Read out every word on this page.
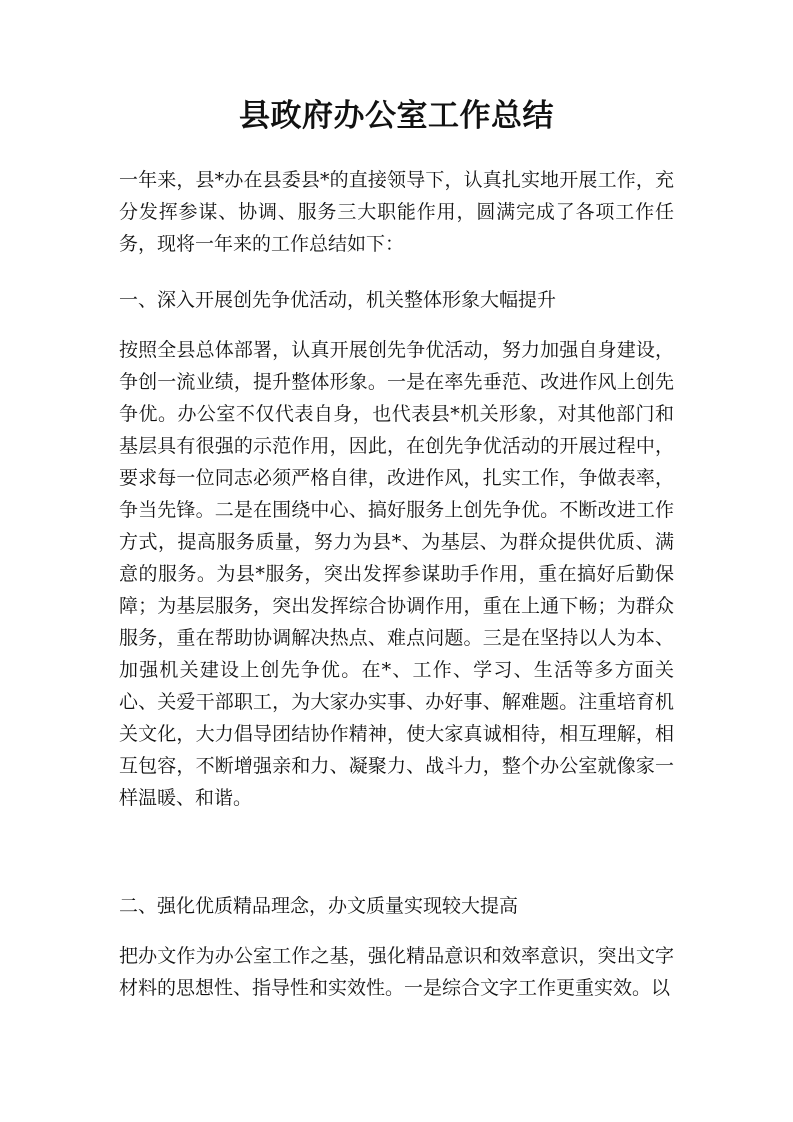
县政府办公室工作总结
一年来，县*办在县委县*的直接领导下，认真扎实地开展工作，充分发挥参谋、协调、服务三大职能作用，圆满完成了各项工作任务，现将一年来的工作总结如下：
一、深入开展创先争优活动，机关整体形象大幅提升
按照全县总体部署，认真开展创先争优活动，努力加强自身建设，争创一流业绩，提升整体形象。一是在率先垂范、改进作风上创先争优。办公室不仅代表自身，也代表县*机关形象，对其他部门和基层具有很强的示范作用，因此，在创先争优活动的开展过程中，要求每一位同志必须严格自律，改进作风，扎实工作，争做表率，争当先锋。二是在围绕中心、搞好服务上创先争优。不断改进工作方式，提高服务质量，努力为县*、为基层、为群众提供优质、满意的服务。为县*服务，突出发挥参谋助手作用，重在搞好后勤保障；为基层服务，突出发挥综合协调作用，重在上通下畅；为群众服务，重在帮助协调解决热点、难点问题。三是在坚持以人为本、加强机关建设上创先争优。在*、工作、学习、生活等多方面关心、关爱干部职工，为大家办实事、办好事、解难题。注重培育机关文化，大力倡导团结协作精神，使大家真诚相待，相互理解，相互包容，不断增强亲和力、凝聚力、战斗力，整个办公室就像家一样温暖、和谐。
二、强化优质精品理念，办文质量实现较大提高
把办文作为办公室工作之基，强化精品意识和效率意识，突出文字材料的思想性、指导性和实效性。一是综合文字工作更重实效。以
